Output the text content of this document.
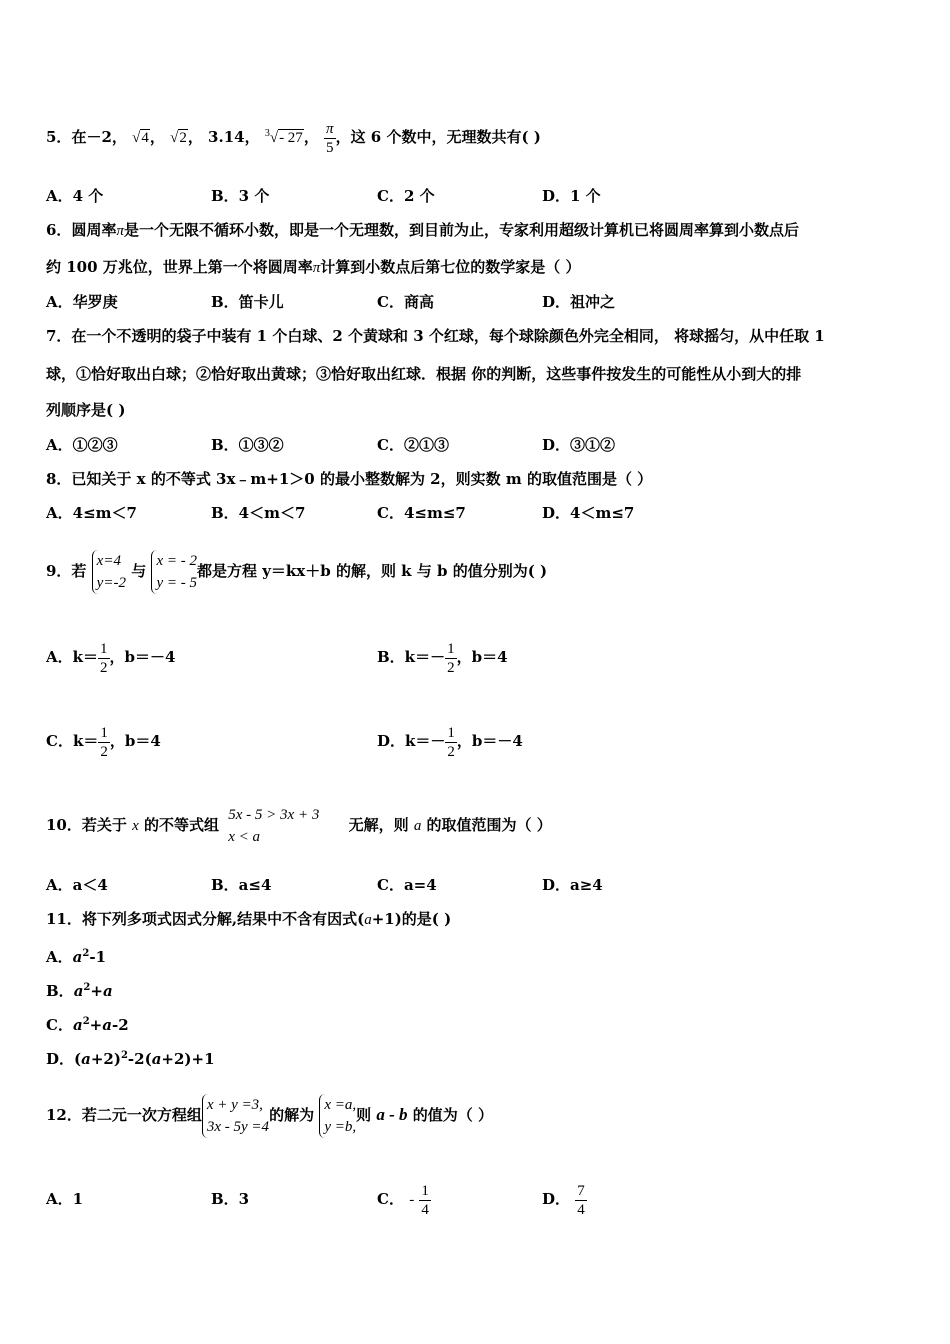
5．在－2， √4， √2， 3.14， $^3$√- 27， $\frac{\pi}{5}$ ，这 6 个数中，无理数共有( )
A．4 个	B．3 个	C．2 个	D．1 个
6．圆周率π是一个无限不循环小数，即是一个无理数，到目前为止，专家利用超级计算机已将圆周率算到小数点后
约 100 万兆位，世界上第一个将圆周率π计算到小数点后第七位的数学家是（ ）
A．华罗庚	B．笛卡儿	C．商高	D．祖冲之
7．在一个不透明的袋子中装有 1 个白球、2 个黄球和 3 个红球，每个球除颜色外完全相同， 将球摇匀，从中任取 1
球，①恰好取出白球；②恰好取出黄球；③恰好取出红球．根据 你的判断，这些事件按发生的可能性从小到大的排
列顺序是( )
A．①②③	B．①③②	C．②①③	D．③①②
8．已知关于 x 的不等式 3x﹣m+1＞0 的最小整数解为 2，则实数 m 的取值范围是（ ）
A．4≤m＜7	B．4＜m＜7	C．4≤m≤7	D．4＜m≤7
9．若
x=4
y=-2
与
x = - 2
y = - 5
都是方程 y＝kx＋b 的解，则 k 与 b 的值分别为( )
A．$k= \frac{1}{2}$ ，b＝－4	B．$k=- \frac{1}{2}$ ，b＝4
C．$k= \frac{1}{2}$ ，b＝4	D．$k=- \frac{1}{2}$ ，b＝－4
10．若关于 x 的不等式组
5x - 5 > 3x + 3
x < a
无解，则 a 的取值范围为（ ）
A．a＜4	B．a≤4	C．a=4	D．a≥4
11．将下列多项式因式分解,结果中不含有因式(a+1)的是( )
A．$a^2-1$
B．$a^2+a$
C．$a^2+a-2$
D．$(a+2)^2-2(a+2)+1$
12．若二元一次方程组
x + y =3,
3x - 5y =4
的解为
x =a,
y =b,
则 a - b 的值为（ ）
A．1	B．3	C． - $\frac{1}{4}$	D． $\frac{7}{4}$
